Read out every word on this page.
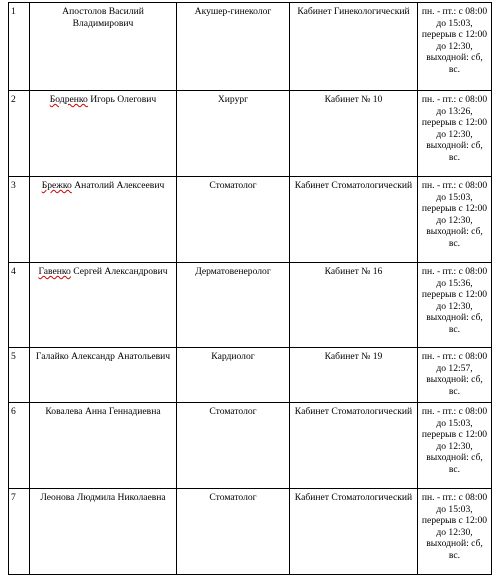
1	Апостолов Василий Владимирович	Акушер-гинеколог	Кабинет Гинекологический	пн. - пт.: с 08:00 до 15:03, перерыв с 12:00 до 12:30, выходной: сб, вс.
2	Бодренко Игорь Олегович	Хирург	Кабинет № 10	пн. - пт.: с 08:00 до 13:26, перерыв с 12:00 до 12:30, выходной: сб, вс.
3	Брежко Анатолий Алексеевич	Стоматолог	Кабинет Стоматологический	пн. - пт.: с 08:00 до 15:03, перерыв с 12:00 до 12:30, выходной: сб, вс.
4	Гавенко Сергей Александрович	Дерматовенеролог	Кабинет № 16	пн. - пт.: с 08:00 до 15:36, перерыв с 12:00 до 12:30, выходной: сб, вс.
5	Галайко Александр Анатольевич	Кардиолог	Кабинет № 19	пн. - пт.: с 08:00 до 12:57, выходной: сб, вс.
6	Ковалева Анна Геннадиевна	Стоматолог	Кабинет Стоматологический	пн. - пт.: с 08:00 до 15:03, перерыв с 12:00 до 12:30, выходной: сб, вс.
7	Леонова Людмила Николаевна	Стоматолог	Кабинет Стоматологический	пн. - пт.: с 08:00 до 15:03, перерыв с 12:00 до 12:30, выходной: сб, вс.
